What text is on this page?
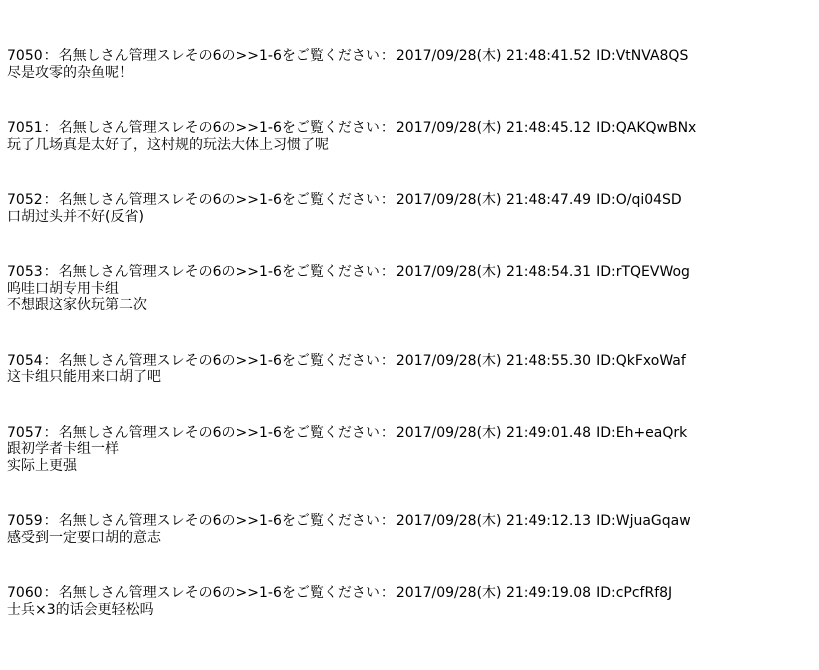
7050：名無しさん管理スレその6の>>1-6をご覧ください：2017/09/28(木) 21:48:41.52 ID:VtNVA8QS
尽是攻零的杂鱼呢！
7051：名無しさん管理スレその6の>>1-6をご覧ください：2017/09/28(木) 21:48:45.12 ID:QAKQwBNx
玩了几场真是太好了，这村规的玩法大体上习惯了呢
7052：名無しさん管理スレその6の>>1-6をご覧ください：2017/09/28(木) 21:48:47.49 ID:O/qi04SD
口胡过头并不好(反省)
7053：名無しさん管理スレその6の>>1-6をご覧ください：2017/09/28(木) 21:48:54.31 ID:rTQEVWog
呜哇口胡专用卡组
不想跟这家伙玩第二次
7054：名無しさん管理スレその6の>>1-6をご覧ください：2017/09/28(木) 21:48:55.30 ID:QkFxoWaf
这卡组只能用来口胡了吧
7057：名無しさん管理スレその6の>>1-6をご覧ください：2017/09/28(木) 21:49:01.48 ID:Eh+eaQrk
跟初学者卡组一样
实际上更强
7059：名無しさん管理スレその6の>>1-6をご覧ください：2017/09/28(木) 21:49:12.13 ID:WjuaGqaw
感受到一定要口胡的意志
7060：名無しさん管理スレその6の>>1-6をご覧ください：2017/09/28(木) 21:49:19.08 ID:cPcfRf8J
士兵×3的话会更轻松吗
